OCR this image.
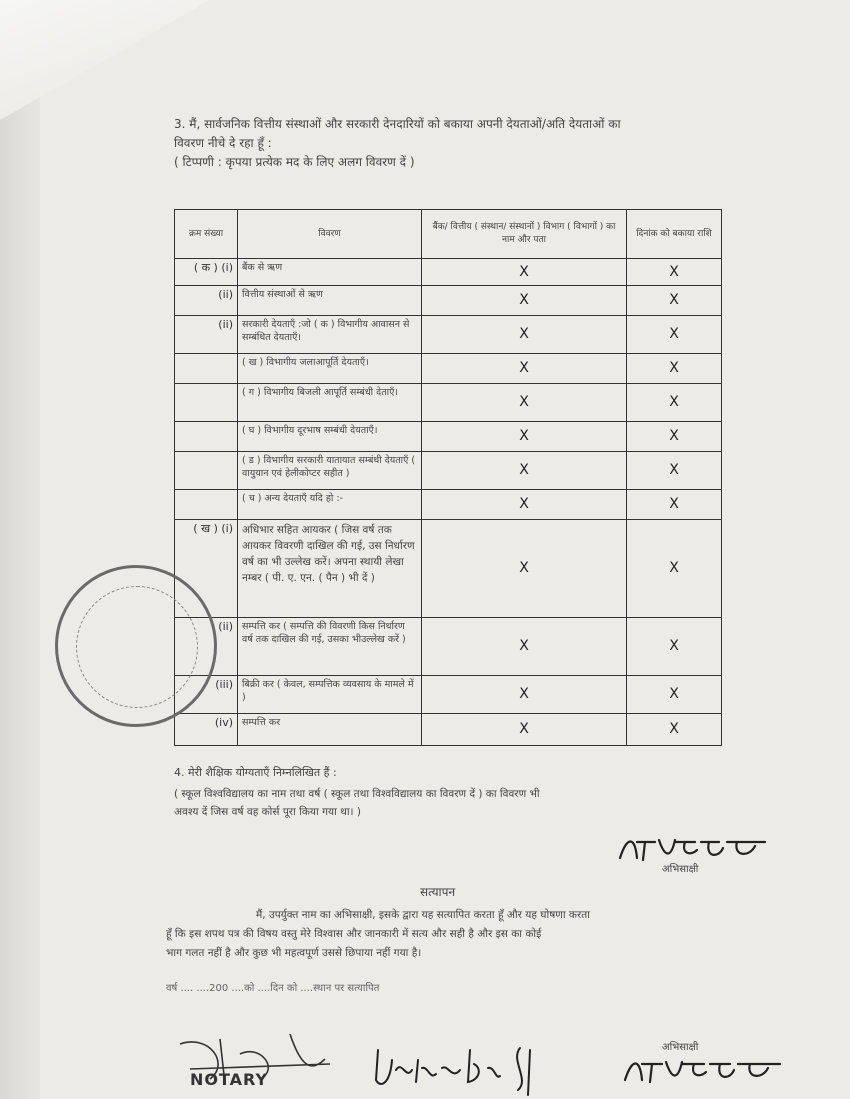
3. मैं, सार्वजनिक वित्तीय संस्थाओं और सरकारी देनदारियों को बकाया अपनी देयताओं/अति देयताओं का
विवरण नीचे दे रहा हूँ :
( टिप्पणी : कृपया प्रत्येक मद के लिए अलग विवरण दें )
क्रम संख्या	विवरण	बैंक/ वित्तीय ( संस्थान/ संस्थानों ) विभाग ( विभागों ) का नाम और पता	दिनांक को बकाया राशि
( क ) (i)	बैंक से ऋण	X	X
(ii)	वित्तीय संस्थाओं से ऋण	X	X
(ii)	सरकारी देयताएँ :जो ( क ) विभागीय आवासन से सम्बंधित देयताएँ।	X	X
	( ख ) विभागीय जलाआपूर्ति देयताएँ।	X	X
	( ग ) विभागीय बिजली आपूर्ति सम्बंधी देताएँ।	X	X
	( घ ) विभागीय दूरभाष सम्बंधी देयताएँ।	X	X
	( ड ) विभागीय सरकारी यातायात सम्बंधी देयताएँ ( वायुयान एवं हेलीकोप्टर सहीत )	X	X
	( च ) अन्य देयताएँ यदि हो :-	X	X
( ख ) (i)	अधिभार सहित आयकर ( जिस वर्ष तक आयकर विवरणी दाखिल की गई, उस निर्धारण वर्ष का भी उल्लेख करें। अपना स्थायी लेखा नम्बर ( पी. ए. एन. ( पैन ) भी दें )	X	X
(ii)	सम्पत्ति कर ( सम्पत्ति की विवरणी किस निर्धारण वर्ष तक दाखिल की गई, उसका भीउल्लेख करें )	X	X
(iii)	बिक्री कर ( केवल, सम्पत्तिक व्यवसाय के मामले में )	X	X
(iv)	सम्पत्ति कर	X	X
4. मेरी शैक्षिक योग्यताएँ निम्नलिखित हैं :
( स्कूल विश्वविद्यालय का नाम तथा वर्ष ( स्कूल तथा विश्वविद्यालय का विवरण दें ) का विवरण भी
अवश्य दें जिस वर्ष वह कोर्स पूरा किया गया था। )
अभिसाक्षी
सत्यापन
मैं, उपर्युक्त नाम का अभिसाक्षी, इसके द्वारा यह सत्यापित करता हूँ और यह घोषणा करता
हूँ कि इस शपथ पत्र की विषय वस्तु मेरे विश्वास और जानकारी में सत्य और सही है और इस का कोई
भाग गलत नहीं है और कुछ भी महत्वपूर्ण उससे छिपाया नहीं गया है।
वर्ष .... ....200 ....को ....दिन को ....स्थान पर सत्यापित
NOTARY
अभिसाक्षी
